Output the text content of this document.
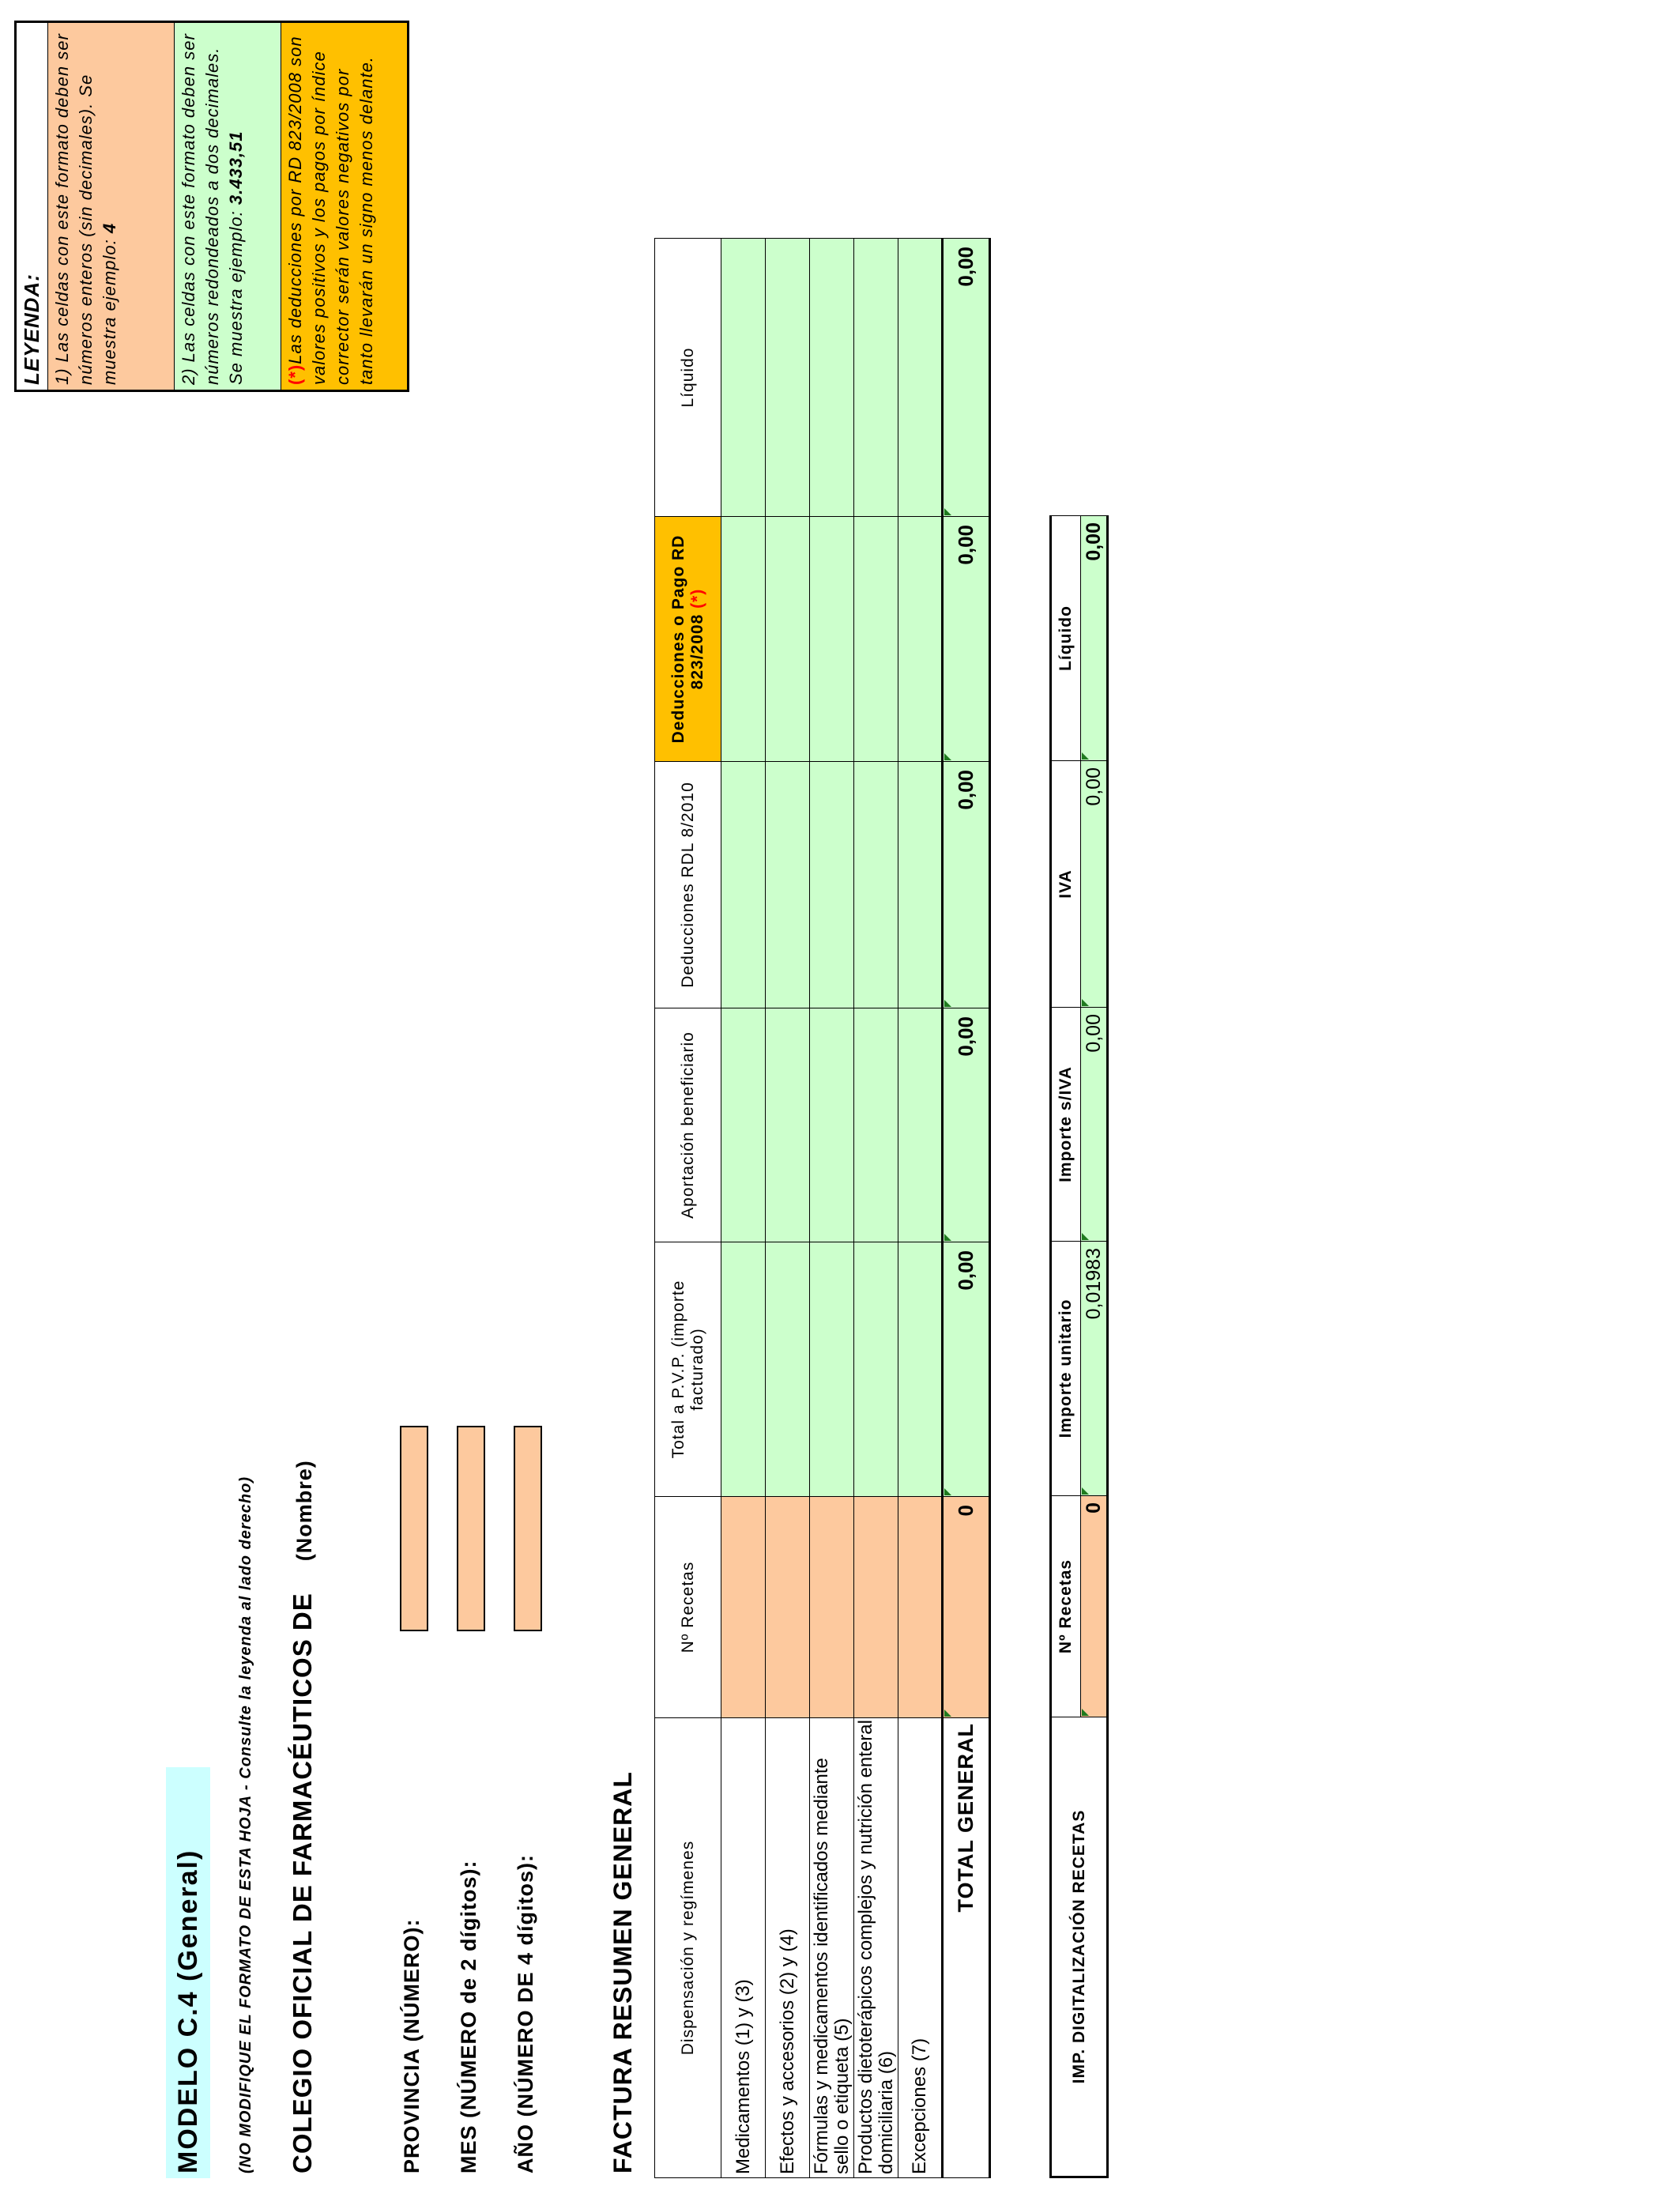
MODELO C.4 (General)	(NO MODIFIQUE EL FORMATO DE ESTA HOJA - Consulte la leyenda al lado derecho) COLEGIO OFICIAL DE FARMACÉUTICOS DE(Nombre)
PROVINCIA (NÚMERO): MES (NÚMERO de 2 dígitos): AÑO (NÚMERO DE 4 dígitos):	FACTURA RESUMEN GENERAL	Dispensación y regímenes	Nº Recetas	Total a P.V.P. (importe facturado)	Aportación beneficiario	Deducciones RDL 8/2010	Deducciones o Pago RD 823/2008 (*)	Líquido
Medicamentos (1) y (3)						
Efectos y accesorios (2) y (4)						
Fórmulas y medicamentos identificados mediante sello o etiqueta (5)						
Productos dietoterápicos complejos y nutrición enteral domiciliaria (6)						
Excepciones (7)						
TOTAL GENERAL	0	0,00	0,00	0,00	0,00	0,00
IMP. DIGITALIZACIÓN RECETAS	Nº Recetas	Importe unitario	Importe s/IVA	IVA	Líquido
	0	0,01983	0,00	0,00	0,00
LEYENDA: 1) Las celdas con este formato deben ser números enteros (sin decimales). Se muestra ejemplo: 4	2) Las celdas con este formato deben ser números redondeados a dos decimales. Se muestra ejemplo: 3.433,51
(*)Las deducciones por RD 823/2008 son valores positivos y los pagos por índice corrector serán valores negativos por tanto llevarán un signo menos delante.
